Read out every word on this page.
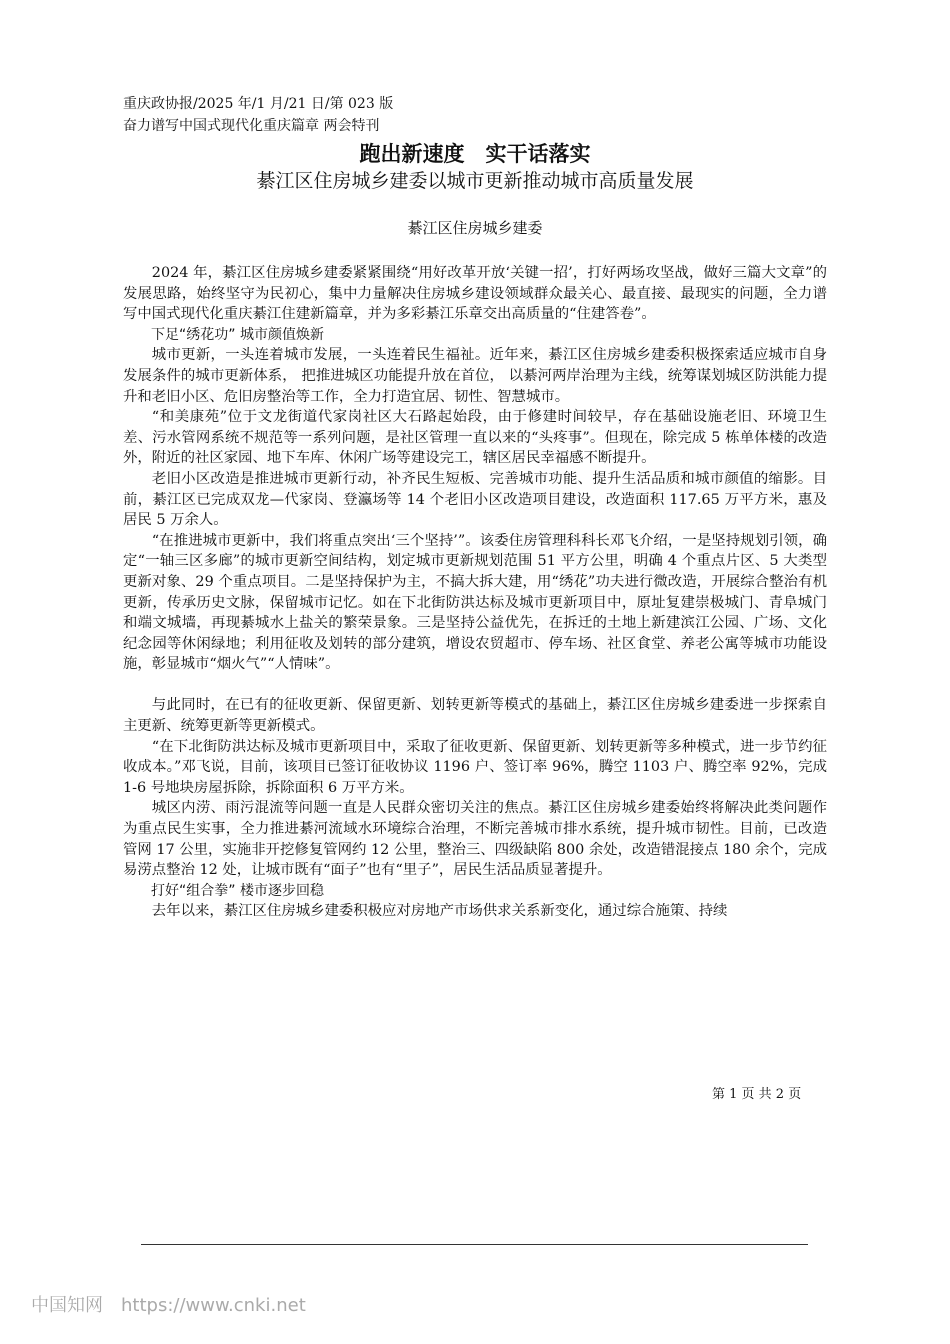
重庆政协报/2025 年/1 月/21 日/第 023 版
奋力谱写中国式现代化重庆篇章 两会特刊
跑出新速度　实干话落实
綦江区住房城乡建委以城市更新推动城市高质量发展
綦江区住房城乡建委

2024 年，綦江区住房城乡建委紧紧围绕“用好改革开放‘关键一招’，打好两场攻坚战，做好三篇大文章”的发展思路，始终坚守为民初心，集中力量解决住房城乡建设领域群众最关心、最直接、最现实的问题，全力谱写中国式现代化重庆綦江住建新篇章，并为多彩綦江乐章交出高质量的“住建答卷”。

下足“绣花功” 城市颜值焕新

城市更新，一头连着城市发展，一头连着民生福祉。近年来，綦江区住房城乡建委积极探索适应城市自身发展条件的城市更新体系， 把推进城区功能提升放在首位， 以綦河两岸治理为主线，统筹谋划城区防洪能力提升和老旧小区、危旧房整治等工作，全力打造宜居、韧性、智慧城市。

“和美康苑”位于文龙街道代家岗社区大石路起始段，由于修建时间较早，存在基础设施老旧、环境卫生差、污水管网系统不规范等一系列问题，是社区管理一直以来的“头疼事”。但现在，除完成 5 栋单体楼的改造外，附近的社区家园、地下车库、休闲广场等建设完工，辖区居民幸福感不断提升。

老旧小区改造是推进城市更新行动，补齐民生短板、完善城市功能、提升生活品质和城市颜值的缩影。目前，綦江区已完成双龙—代家岗、登瀛场等 14 个老旧小区改造项目建设，改造面积 117.65 万平方米，惠及居民 5 万余人。

“在推进城市更新中，我们将重点突出‘三个坚持’”。该委住房管理科科长邓飞介绍，一是坚持规划引领，确定“一轴三区多廊”的城市更新空间结构，划定城市更新规划范围 51 平方公里，明确 4 个重点片区、5 大类型更新对象、29 个重点项目。二是坚持保护为主，不搞大拆大建，用“绣花”功夫进行微改造，开展综合整治有机更新，传承历史文脉，保留城市记忆。如在下北街防洪达标及城市更新项目中，原址复建崇极城门、青阜城门和端文城墙，再现綦城水上盐关的繁荣景象。三是坚持公益优先，在拆迁的土地上新建滨江公园、广场、文化纪念园等休闲绿地；利用征收及划转的部分建筑，增设农贸超市、停车场、社区食堂、养老公寓等城市功能设施，彰显城市“烟火气”“人情味”。

与此同时，在已有的征收更新、保留更新、划转更新等模式的基础上，綦江区住房城乡建委进一步探索自主更新、统筹更新等更新模式。

“在下北街防洪达标及城市更新项目中，采取了征收更新、保留更新、划转更新等多种模式，进一步节约征收成本。”邓飞说，目前，该项目已签订征收协议 1196 户、签订率 96%，腾空 1103 户、腾空率 92%，完成 1-6 号地块房屋拆除，拆除面积 6 万平方米。

城区内涝、雨污混流等问题一直是人民群众密切关注的焦点。綦江区住房城乡建委始终将解决此类问题作为重点民生实事，全力推进綦河流域水环境综合治理，不断完善城市排水系统，提升城市韧性。目前，已改造管网 17 公里，实施非开挖修复管网约 12 公里，整治三、四级缺陷 800 余处，改造错混接点 180 余个，完成易涝点整治 12 处，让城市既有“面子”也有“里子”，居民生活品质显著提升。

打好“组合拳” 楼市逐步回稳

去年以来，綦江区住房城乡建委积极应对房地产市场供求关系新变化，通过综合施策、持续

第 1 页 共 2 页
中国知网　https://www.cnki.net
